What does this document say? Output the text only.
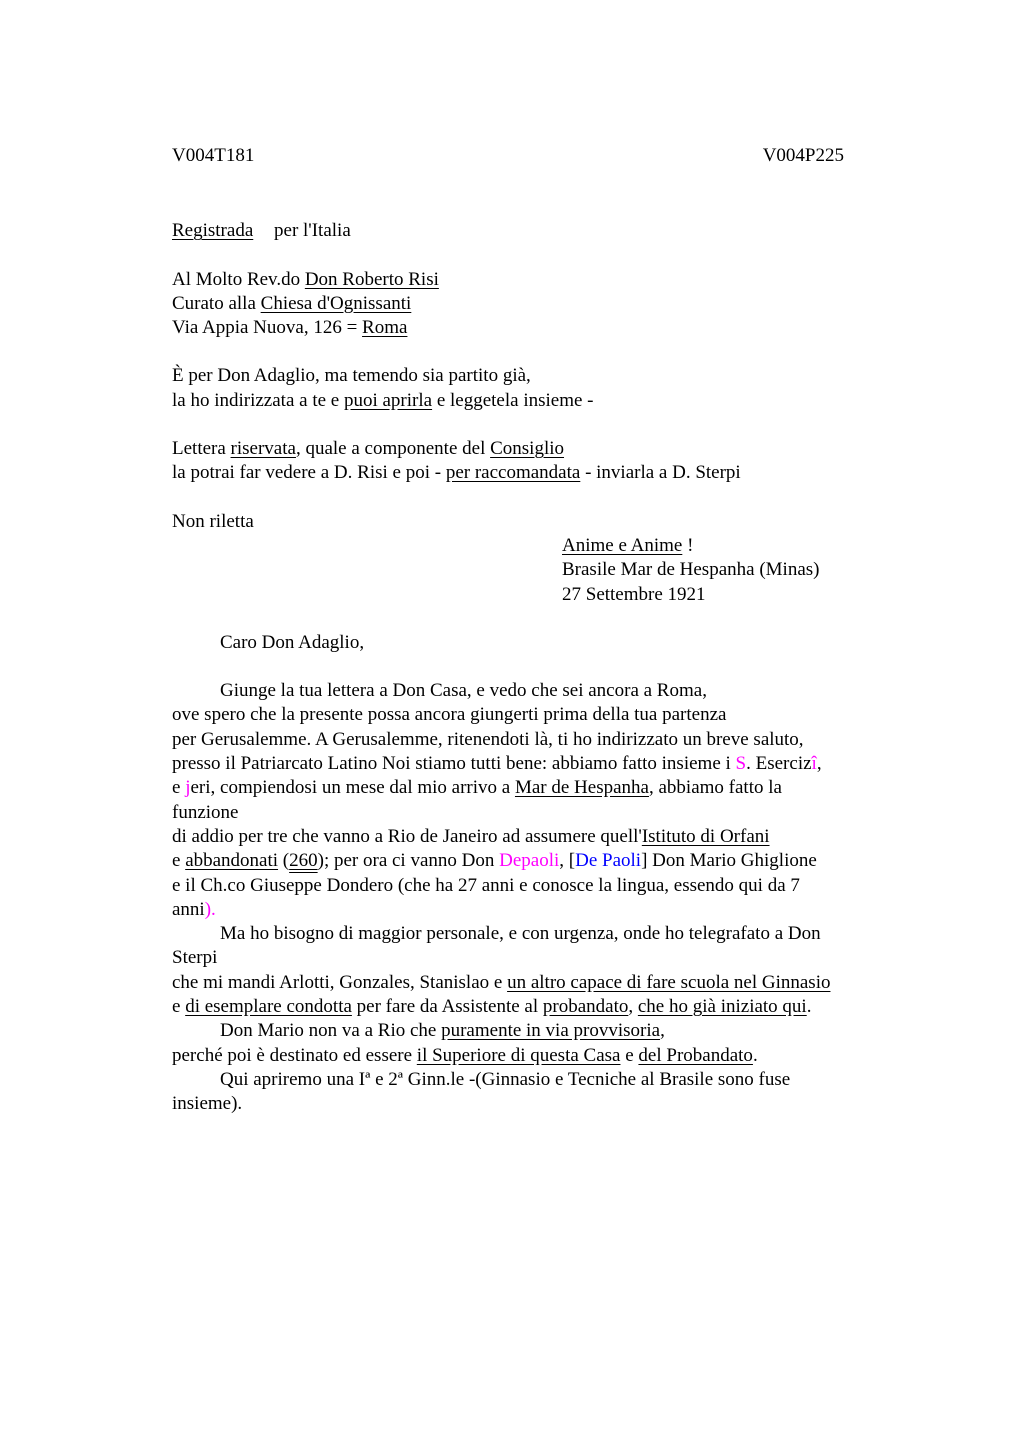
V004T181	V004P225
Registrada per l'Italia
Al Molto Rev.do Don Roberto Risi
Curato alla Chiesa d'Ognissanti
Via Appia Nuova, 126 = Roma
È per Don Adaglio, ma temendo sia partito già,
la ho indirizzata a te e puoi aprirla e leggetela insieme -
Lettera riservata, quale a componente del Consiglio
la potrai far vedere a D. Risi e poi - per raccomandata - inviarla a D. Sterpi
Non riletta
Anime e Anime !
Brasile Mar de Hespanha (Minas)
27 Settembre 1921
Caro Don Adaglio,
Giunge la tua lettera a Don Casa, e vedo che sei ancora a Roma,
ove spero che la presente possa ancora giungerti prima della tua partenza
per Gerusalemme. A Gerusalemme, ritenendoti là, ti ho indirizzato un breve saluto,
presso il Patriarcato Latino Noi stiamo tutti bene: abbiamo fatto insieme i S. Esercizî,
e jeri, compiendosi un mese dal mio arrivo a Mar de Hespanha, abbiamo fatto la
funzione
di addio per tre che vanno a Rio de Janeiro ad assumere quell'Istituto di Orfani
e abbandonati (260); per ora ci vanno Don Depaoli, [De Paoli] Don Mario Ghiglione
e il Ch.co Giuseppe Dondero (che ha 27 anni e conosce la lingua, essendo qui da 7
anni).
Ma ho bisogno di maggior personale, e con urgenza, onde ho telegrafato a Don
Sterpi
che mi mandi Arlotti, Gonzales, Stanislao e un altro capace di fare scuola nel Ginnasio
e di esemplare condotta per fare da Assistente al probandato, che ho già iniziato qui.
Don Mario non va a Rio che puramente in via provvisoria,
perché poi è destinato ed essere il Superiore di questa Casa e del Probandato.
Qui apriremo una Iª e 2ª Ginn.le -(Ginnasio e Tecniche al Brasile sono fuse
insieme).
